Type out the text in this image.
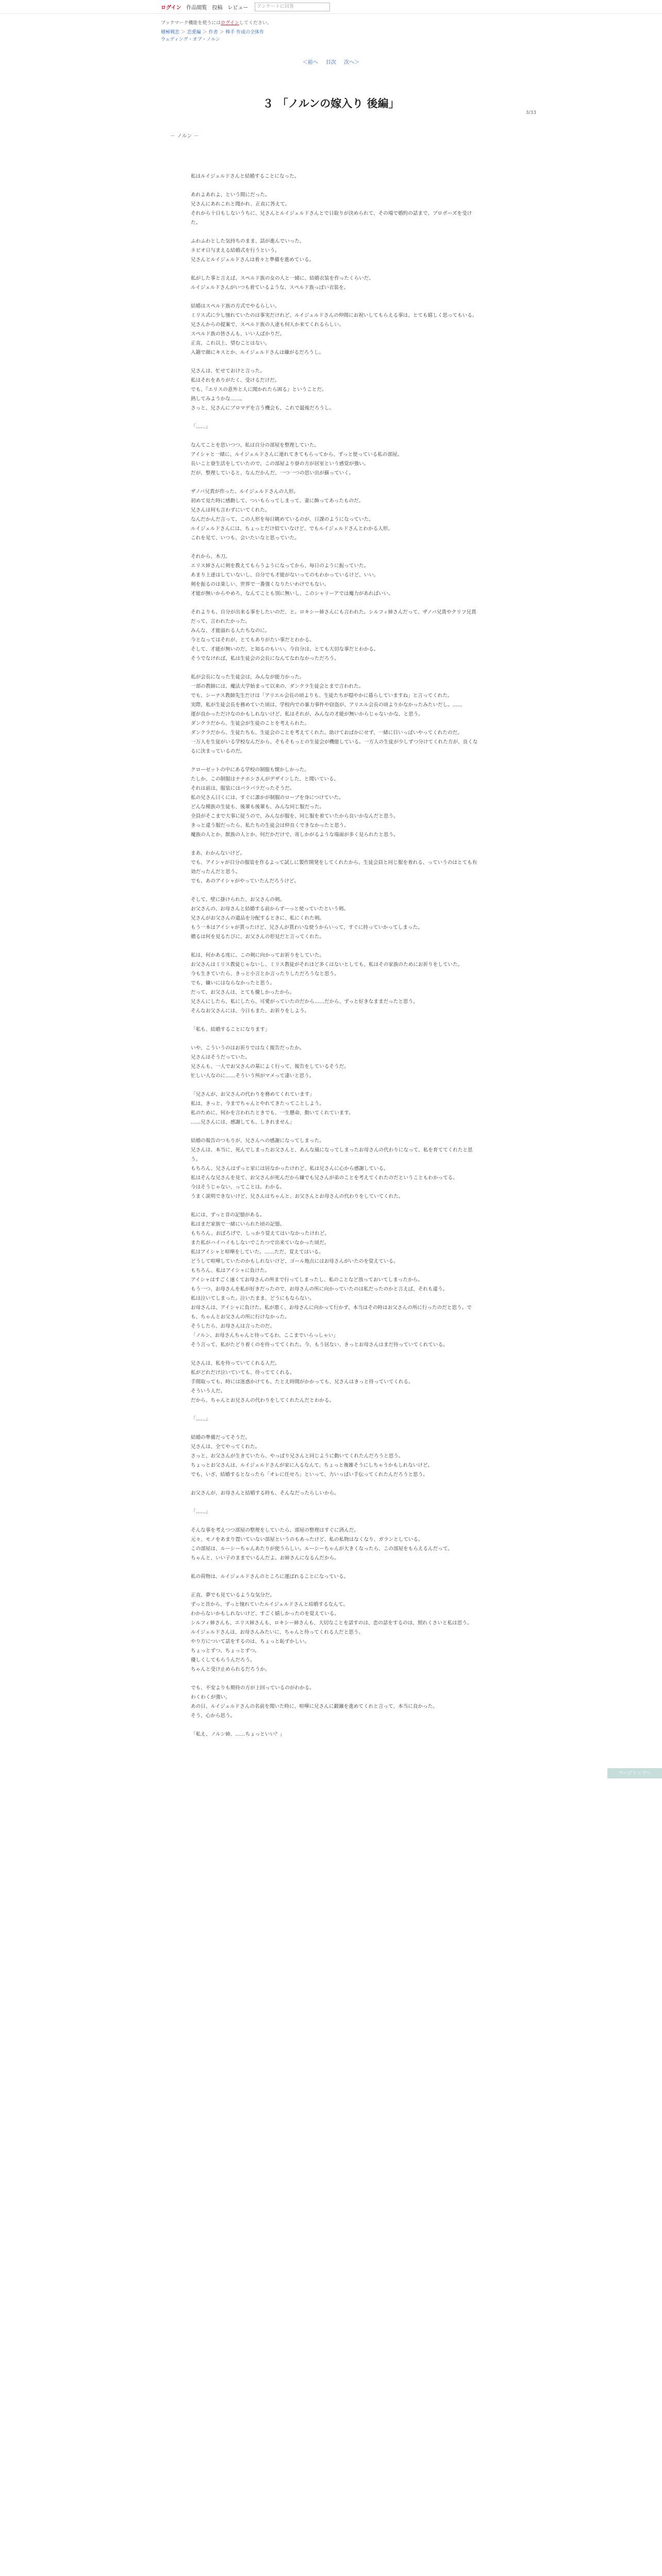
ログイン 作品閲覧 投稿 レビュー	アンケートに回答
ブックマーク機能を使うにはログインしてください。
積極戦恋 ＞ 恋愛編 ＞ 作者 ＞ 棒手 作成の全体作
ウェディング・オブ・ノルン
3/33
＜前へ 目次 次へ＞
３ 「ノルンの嫁入り 後編」
－ ノルン －

私はルイジェルドさんと結婚することになった。

あれよあれよ、という間にだった。

兄さんにあれこれと聞かれ、正直に答えて。

それから十日もしないうちに、兄さんとルイジェルドさんとで日取りが決められて、その場で婚約の話まで、ブロポーズを受けた。

ふわふわとした気持ちのまま、話が進んでいった。

ネビオ日与まえる結婚式を行うという。

兄さんとルイジェルドさんは着々と準備を進めている。

私がした事と言えば、スペルド族の女の人と一緒に、結婚衣装を作ったくらいだ。

ルイジェルドさんがいつも着ているような、スペルド族っぽい衣装を。

結婚はスペルド族の方式でやるらしい。

ミリス式に少し憧れていたのは事実だけれど、ルイジェルドさんの仲間にお祝いしてもらえる事は、とても嬉しく思ってもいる。

兄さんからの提案で、スペルド族の人達も何人か来てくれるらしい。

スペルド族の皆さんも、いい人ばかりだ。

正直、これ以上、望むことはない。

入籍で顔にキスとか、ルイジェルドさんは嫌がるだろうし。

兄さんは、忙せておけと言った。

私はそれをありがたく、受けるだけだ。

でも、『エリスの意外と人に聞かれたら困る』ということだ。

熱してみようかな……。

さっと、兄さんにブロマデを言う機会も、これで最後だろうし。

「……」

なんてことを思いつつ、私は自分の部屋を整理していた。

アイシャと一緒に、ルイジェルドさんに連れてきてもらってから、ずっと使っている私の部屋。

長いこと寮生活をしていたので、この部屋より寮の方が居室という感覚が強い。

だが、整理していると、なんだかんだ、一つ一つの思い出が蘇っていく。

ザノバ兄貴が作った、ルイジェルドさんの人形。

初めて見た時に感動して、ついもらってしまって、妻に飾ってあったものだ。

兄さんは何も言わずにいてくれた。

なんだかんだ言って、この人形を毎日眺めているのが、日課のようになっていた。

ルイジェルドさんには、ちょっとだけ似ていなけど、でもルイジェルドさんとわかる人形。

これを見て、いつも、会いたいなと思っていた。

それから、木刀。

エリス姉さんに剣を教えてもらうようになってから、毎日のように振っていた。

あまり上達はしていないし、自分でも才能がないってのもわかっているけど、いい。

剣を振るのは楽しい、世界で一番強くなりたいわけでもない。

才能が無いからやめろ、なんてことも別に無いし、このシャリーアでは魔力があればいい。

それよりも、自分が出来る事をしたいのだ、と。ロキシー姉さんにも言われた。シルフィ姉さんだって、ザノバ兄貴やクリフ兄貴だって、言われたかった。

みんな、才能溢れる人たちなのに。

今となってはそれが、とてもありがたい事だとわかる。

そして、才能が無いのだ、と知るのもいい。今自分は、とても大切な事だとわかる。

そうでなければ、私は生徒会の会長になんてなれなかっただろう。

私が会長になった生徒会は、みんなが能力かった。

一部の教師には、魔法大学始まって以来の、ダンクラ生徒会とまで言われた。

でも、シーナス教師先生だけは「アリエル会長の頃よりも、生徒たちが穏やかに暮らしていますね」と言ってくれた。

実際、私が生徒会長を務めていた頃は、学校内での暴力事件や窃盗が、アリエル会長の頃よりかなかったみたいだし。……

運が良かっただけなのかもしれないけど、私はそれが、みんなの才能が無いからじゃないかな、と思う。

ダンクラだから、生徒会が生徒のことを考えられた。

ダンクラだから、生徒たちも、生徒会のことを考えてくれた。助けておばかにせず、一緒に目いっぱいやってくれたのだ。

一万人を生徒がいる学校なんだから、そもそもっとの生徒会が機能している。一方人の生徒が少しずつ分けてくれた方が、良くなるに決まっているのだ。

クローゼットの中にある学校の制服も懐かしかった。

たしか、この制服はナナホシさんがデザインした、と聞いている。

それは前は、服装にはバラバラだったそうだ。

私の兄さん曰くには、すぐに誰かが制服のローブを身につけていた。

どんな種族の生徒も、後輩も後輩も、みんな同じ服だった。

全員がそこまで大事に従うので、みんなが服を、同じ服を着ていたから良いかなんだと思う。

きっと違う服だったら、私たちの生徒会は仲良くできなかったと思う。

魔族の人とか、獣族の人とか、何だかだけで、寄しかがるような場面が多く見られたと思う。

まあ、わかんないけど。

でも、アイシャが目分の服装を作るよって試しに製作開発をしてくれたから、生徒会員と同じ服を着れる、っていうのはとても有効だったんだと思う。

でも、あのアイシャがやっていたんだろうけど。

そして、壁に掛けられた、お父さんの剣。

お父さんの、お母さんと結婚する前からずーっと使っていたという剣。

兄さんがお父さんの遺品を分配するときに、私にくれた剣。

もう一本はアイシャが貰ったけど、兄さんが貰わいな使うからいって、すぐに持っていかってしまった。

贈るは何を見るたびに、お父さんの形見だと言ってくれた。

私は、何かある度に、この剣に向かってお祈りをしていた。

お父さんはミリス教徒じゃないし、ミリス教徒がそれほど多くはないとしても、私はその家族のためにお祈りをしていた。

今も生きていたら、きっと小言とか言ったりしただろうなと思う。

でも、嫌いにはならなかったと思う。

だって、お父さんは、とても優しかったから。

兄さんにしたら、私にしたら、可愛がっていたのだから……だから、ずっと好きなままだったと思う。

そんなお父さんには、今日もまた、お祈りをしよう。

「私も、結婚することになります」

いや、こういうのはお祈りではなく報告だったか。

兄さんはそうだっていた。

兄さんも、一人でお父さんの墓によく行って、報告をしているそうだ。

忙しい人なのに……そういう所がマメって凄いと思う。

「兄さんが、お父さんの代わりを務めてくれています」

私は、きっと、今までちゃんとやれてきたってことしよう。

私のために、何かを言われたときでも、一生懸命、動いてくれています。

……兄さんには、感謝しても、しきれません」

結婚の報告のつもりが、兄さんへの感謝になってしまった。

兄さんは、本当に、死んでしまったお父さんと、あんな風になってしまったお母さんの代わりになって、私を育ててくれたと思う。

もちろん、兄さんはずっと家には居なかったけれど、私は兄さんに心から感謝している。

私はそんな兄さんを見て、お父さんが死んだから嫌でも兄さんが弟のことを考えてくれたのだということもわかってる。

今はそうじゃない、ってことは。わかる。

うまく説明できないけど、兄さんはちゃんと、お父さんとお母さんの代わりをしていてくれた。

私には、ずっと昔の記憶がある。

私はまだ家族で一緒にいられた頃の記憶。

もちろん、おぼろげで、しっかり覚えてはいなかったけれど。

また私がハイハイもしないでこたつで出来ていなかった頃だ。

私はアイシャと喧嘩をしていた。……ただ、覚えてはいる。

どうして喧嘩していたのかもしれないけど、ゴール地点にはお母さんがいたのを覚えている。

もちろん、私はアイシャに負けた。

アイシャはすごく速くてお母さんの所まで行ってしまったし、私のことなど放っておいてしまったから。

もう一つ、お母さんを私が好きだったので、お母さんの所に向かっていたのは私だったのかと言えば、それも違う。

私は泣いてしまった。泣いたまま、どうにもならない。

お母さんは、アイシャに負けた。私が悪く、お母さんに向かって行かず、本当はその時はお父さんの所に行ったのだと思う。でも、ちゃんとお父さんの所に行けなかった。

そうしたら、お母さんは言ったのだ。

「ノルン、お母さんちゃんと待ってるわ、ここまでいらっしゃい」

そう言って、私がたどり着くのを待っててくれた。今、もう居ない、きっとお母さんはまだ待っていてくれている。

兄さんは、私を待っていてくれる人だ。

私がどれだけ泣いていても、待っててくれる。

手間取っても、時には迷惑かけても、たとえ時間がかかっても、兄さんはきっと待っていてくれる。

そういう人だ。

だから、ちゃんとお兄さんの代わりをしてくれたんだとわかる。

「……」

結婚の準備だってそうだ。

兄さんは、全てやってくれた。

さっと、お父さんが生きていたら、やっぱり兄さんと同じように動いてくれたんだろうと思う。

ちょっとお父さんは、ルイジェルドさんが家に入るなんて、ちょっと複雑そうにしちゃうかもしれないけど。

でも、いざ、結婚するとなったら「オレに任せろ」といって、力いっぱい手伝ってくれたんだろうと思う。

お父さんが、お母さんと結婚する時も、そんなだったらしいから。

「……」

そんな事を考えつつ部屋の整理をしていたら、部屋の整理はすぐに済んだ。

元々、モノをあまり置いていない部屋というのもあったけど、私の私物はなくなり、ガランとしている。

この部屋は、ルーシーちゃんあたりが使うらしい。ルーシーちゃんが大きくなったら、この部屋をもらえるんだって。

ちゃんと、いい子のままでいるんだよ。お姉さんになるんだから。

私の荷物は、ルイジェルドさんのところに運ばれることになっている。

正直、夢でも見ているような気分だ。

ずっと昔から、ずっと憧れていたルイジェルドさんと結婚するなんて。

わからないかもしれないけど、すごく嬉しかったのを覚えている。

シルフィ姉さんも、エリス姉さんも、ロキシー姉さんも、大切なことを話すのは、恋の話をするのは、照れくさいと私は思う。

ルイジェルドさんは、お母さんみたいに、ちゃんと待ってくれる人だと思う。

やり方について話をするのは、ちょっと恥ずかしい。

ちょっとずつ、ちょっとずつ。

優しくしてもらうんだろう。

ちゃんと受け止められるだろうか。

でも、不安よりも期待の方が上回っているのがわかる。

わくわくが強い。

あの日、ルイジェルドさんの名前を聞いた時に、喧嘩に兄さんに鍛錬を進めてくれと言って、本当に良かった。

そう、心から思う。

「私え、ノルン姉、……ちょっといい？」

ページトップへ
